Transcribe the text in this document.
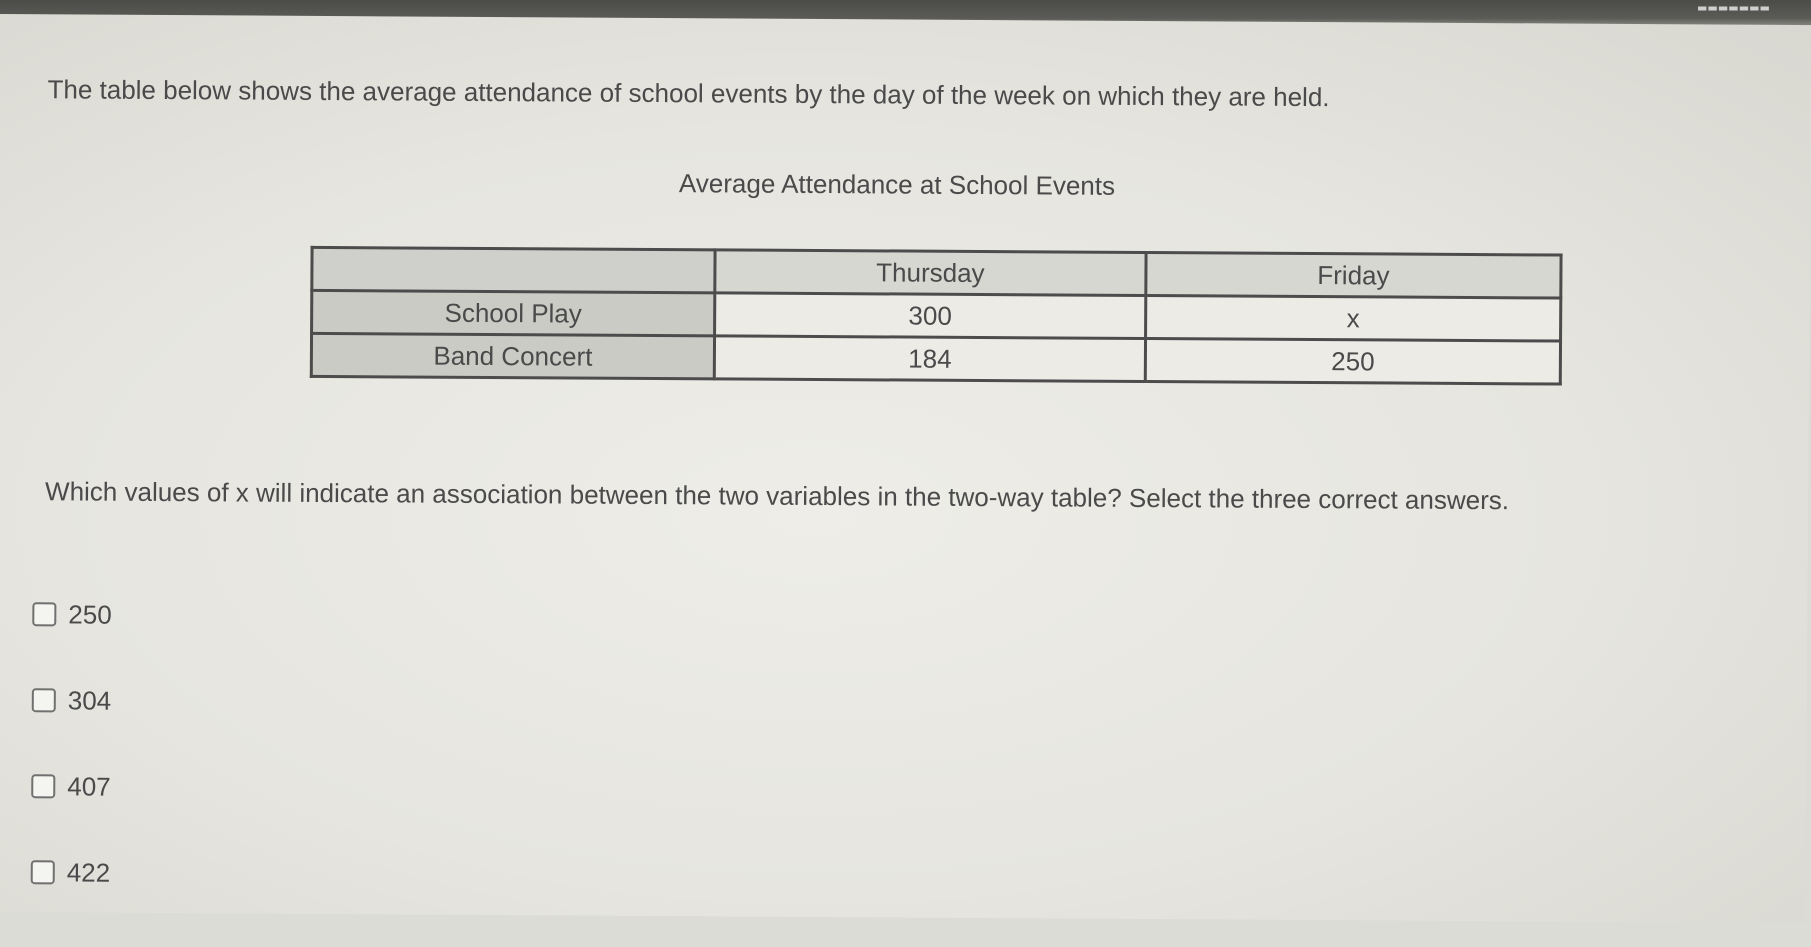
▬▬▬▬▬▬▬
The table below shows the average attendance of school events by the day of the week on which they are held.
Average Attendance at School Events
	Thursday	Friday
School Play	300	x
Band Concert	184	250
Which values of x will indicate an association between the two variables in the two-way table? Select the three correct answers.
250
304
407
422
